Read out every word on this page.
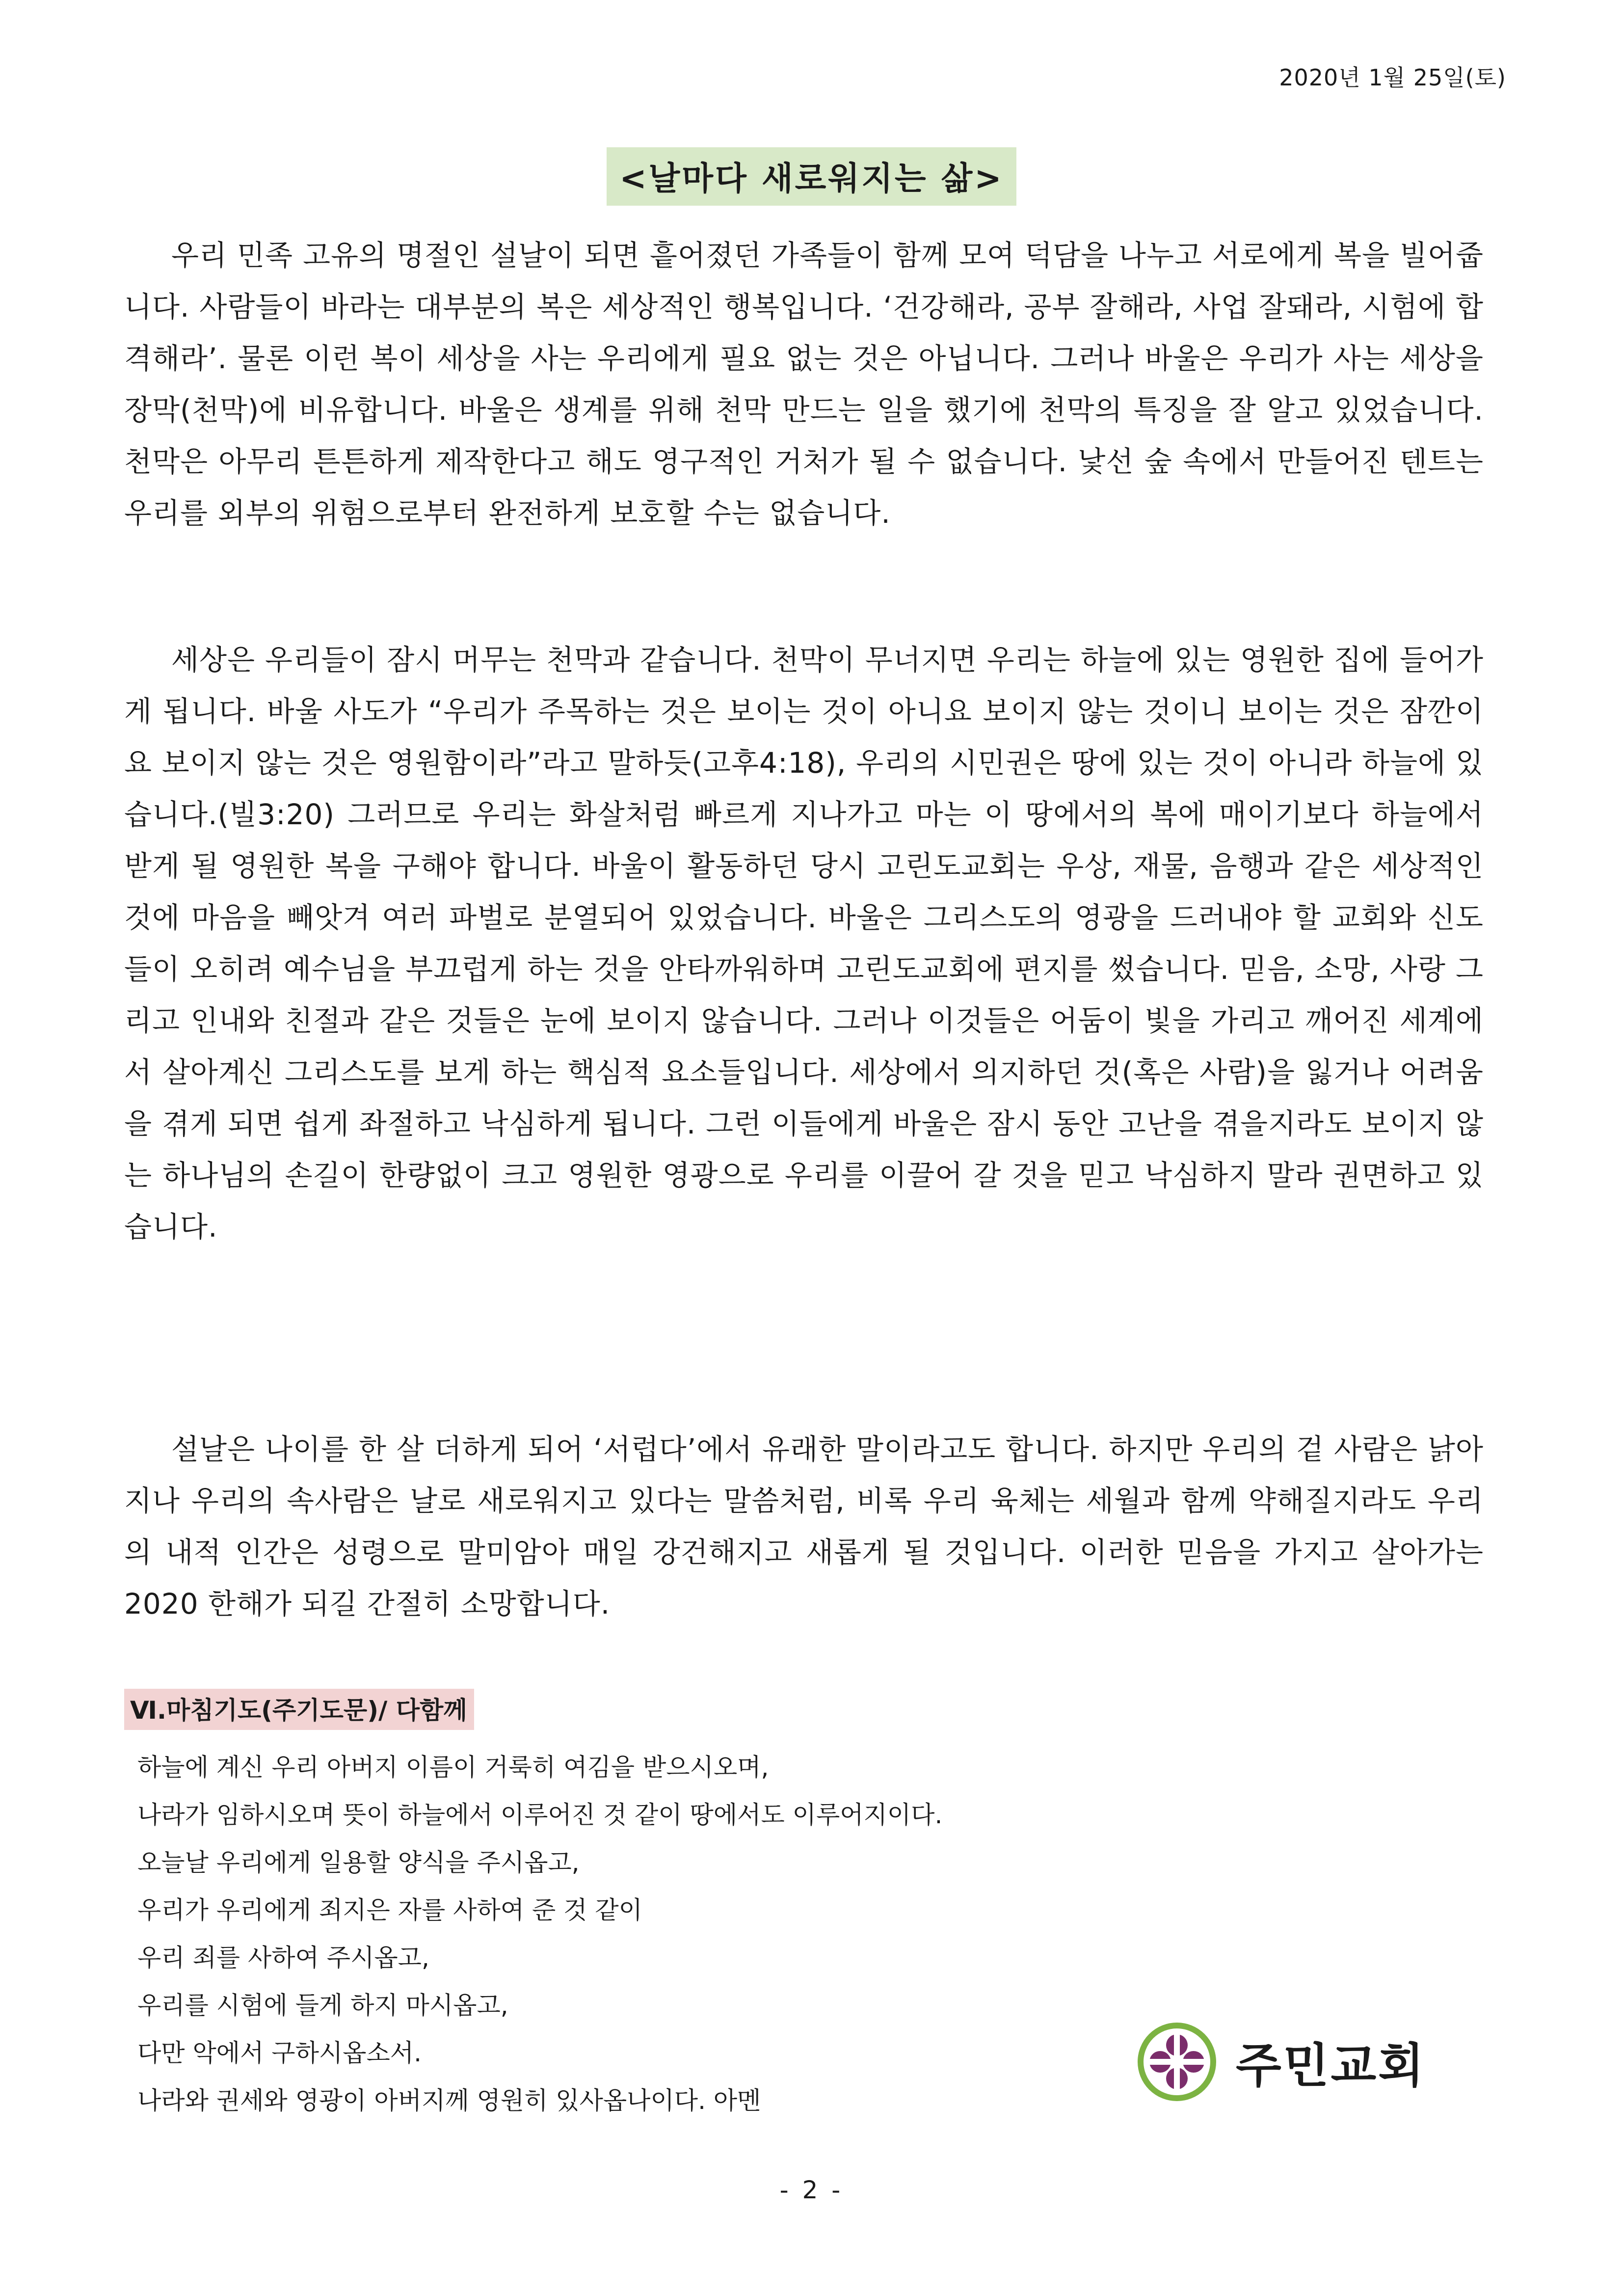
2020년 1월 25일(토)
<날마다 새로워지는 삶>

우리 민족 고유의 명절인 설날이 되면 흩어졌던 가족들이 함께 모여 덕담을 나누고 서로에게 복을 빌어줍니다. 사람들이 바라는 대부분의 복은 세상적인 행복입니다. ‘건강해라, 공부 잘해라, 사업 잘돼라, 시험에 합격해라’. 물론 이런 복이 세상을 사는 우리에게 필요 없는 것은 아닙니다. 그러나 바울은 우리가 사는 세상을 장막(천막)에 비유합니다. 바울은 생계를 위해 천막 만드는 일을 했기에 천막의 특징을 잘 알고 있었습니다. 천막은 아무리 튼튼하게 제작한다고 해도 영구적인 거처가 될 수 없습니다. 낯선 숲 속에서 만들어진 텐트는 우리를 외부의 위험으로부터 완전하게 보호할 수는 없습니다.

세상은 우리들이 잠시 머무는 천막과 같습니다. 천막이 무너지면 우리는 하늘에 있는 영원한 집에 들어가게 됩니다. 바울 사도가 “우리가 주목하는 것은 보이는 것이 아니요 보이지 않는 것이니 보이는 것은 잠깐이요 보이지 않는 것은 영원함이라”라고 말하듯(고후4:18), 우리의 시민권은 땅에 있는 것이 아니라 하늘에 있습니다.(빌3:20) 그러므로 우리는 화살처럼 빠르게 지나가고 마는 이 땅에서의 복에 매이기보다 하늘에서 받게 될 영원한 복을 구해야 합니다. 바울이 활동하던 당시 고린도교회는 우상, 재물, 음행과 같은 세상적인 것에 마음을 빼앗겨 여러 파벌로 분열되어 있었습니다. 바울은 그리스도의 영광을 드러내야 할 교회와 신도들이 오히려 예수님을 부끄럽게 하는 것을 안타까워하며 고린도교회에 편지를 썼습니다. 믿음, 소망, 사랑 그리고 인내와 친절과 같은 것들은 눈에 보이지 않습니다. 그러나 이것들은 어둠이 빛을 가리고 깨어진 세계에서 살아계신 그리스도를 보게 하는 핵심적 요소들입니다. 세상에서 의지하던 것(혹은 사람)을 잃거나 어려움을 겪게 되면 쉽게 좌절하고 낙심하게 됩니다. 그런 이들에게 바울은 잠시 동안 고난을 겪을지라도 보이지 않는 하나님의 손길이 한량없이 크고 영원한 영광으로 우리를 이끌어 갈 것을 믿고 낙심하지 말라 권면하고 있습니다.

설날은 나이를 한 살 더하게 되어 ‘서럽다’에서 유래한 말이라고도 합니다. 하지만 우리의 겉 사람은 낡아지나 우리의 속사람은 날로 새로워지고 있다는 말씀처럼, 비록 우리 육체는 세월과 함께 약해질지라도 우리의 내적 인간은 성령으로 말미암아 매일 강건해지고 새롭게 될 것입니다. 이러한 믿음을 가지고 살아가는 2020 한해가 되길 간절히 소망합니다.

Ⅵ.마침기도(주기도문)/ 다함께
하늘에 계신 우리 아버지 이름이 거룩히 여김을 받으시오며,
나라가 임하시오며 뜻이 하늘에서 이루어진 것 같이 땅에서도 이루어지이다.
오늘날 우리에게 일용할 양식을 주시옵고,
우리가 우리에게 죄지은 자를 사하여 준 것 같이
우리 죄를 사하여 주시옵고,
우리를 시험에 들게 하지 마시옵고,
다만 악에서 구하시옵소서.
나라와 권세와 영광이 아버지께 영원히 있사옵나이다. 아멘
주민교회
- 2 -
